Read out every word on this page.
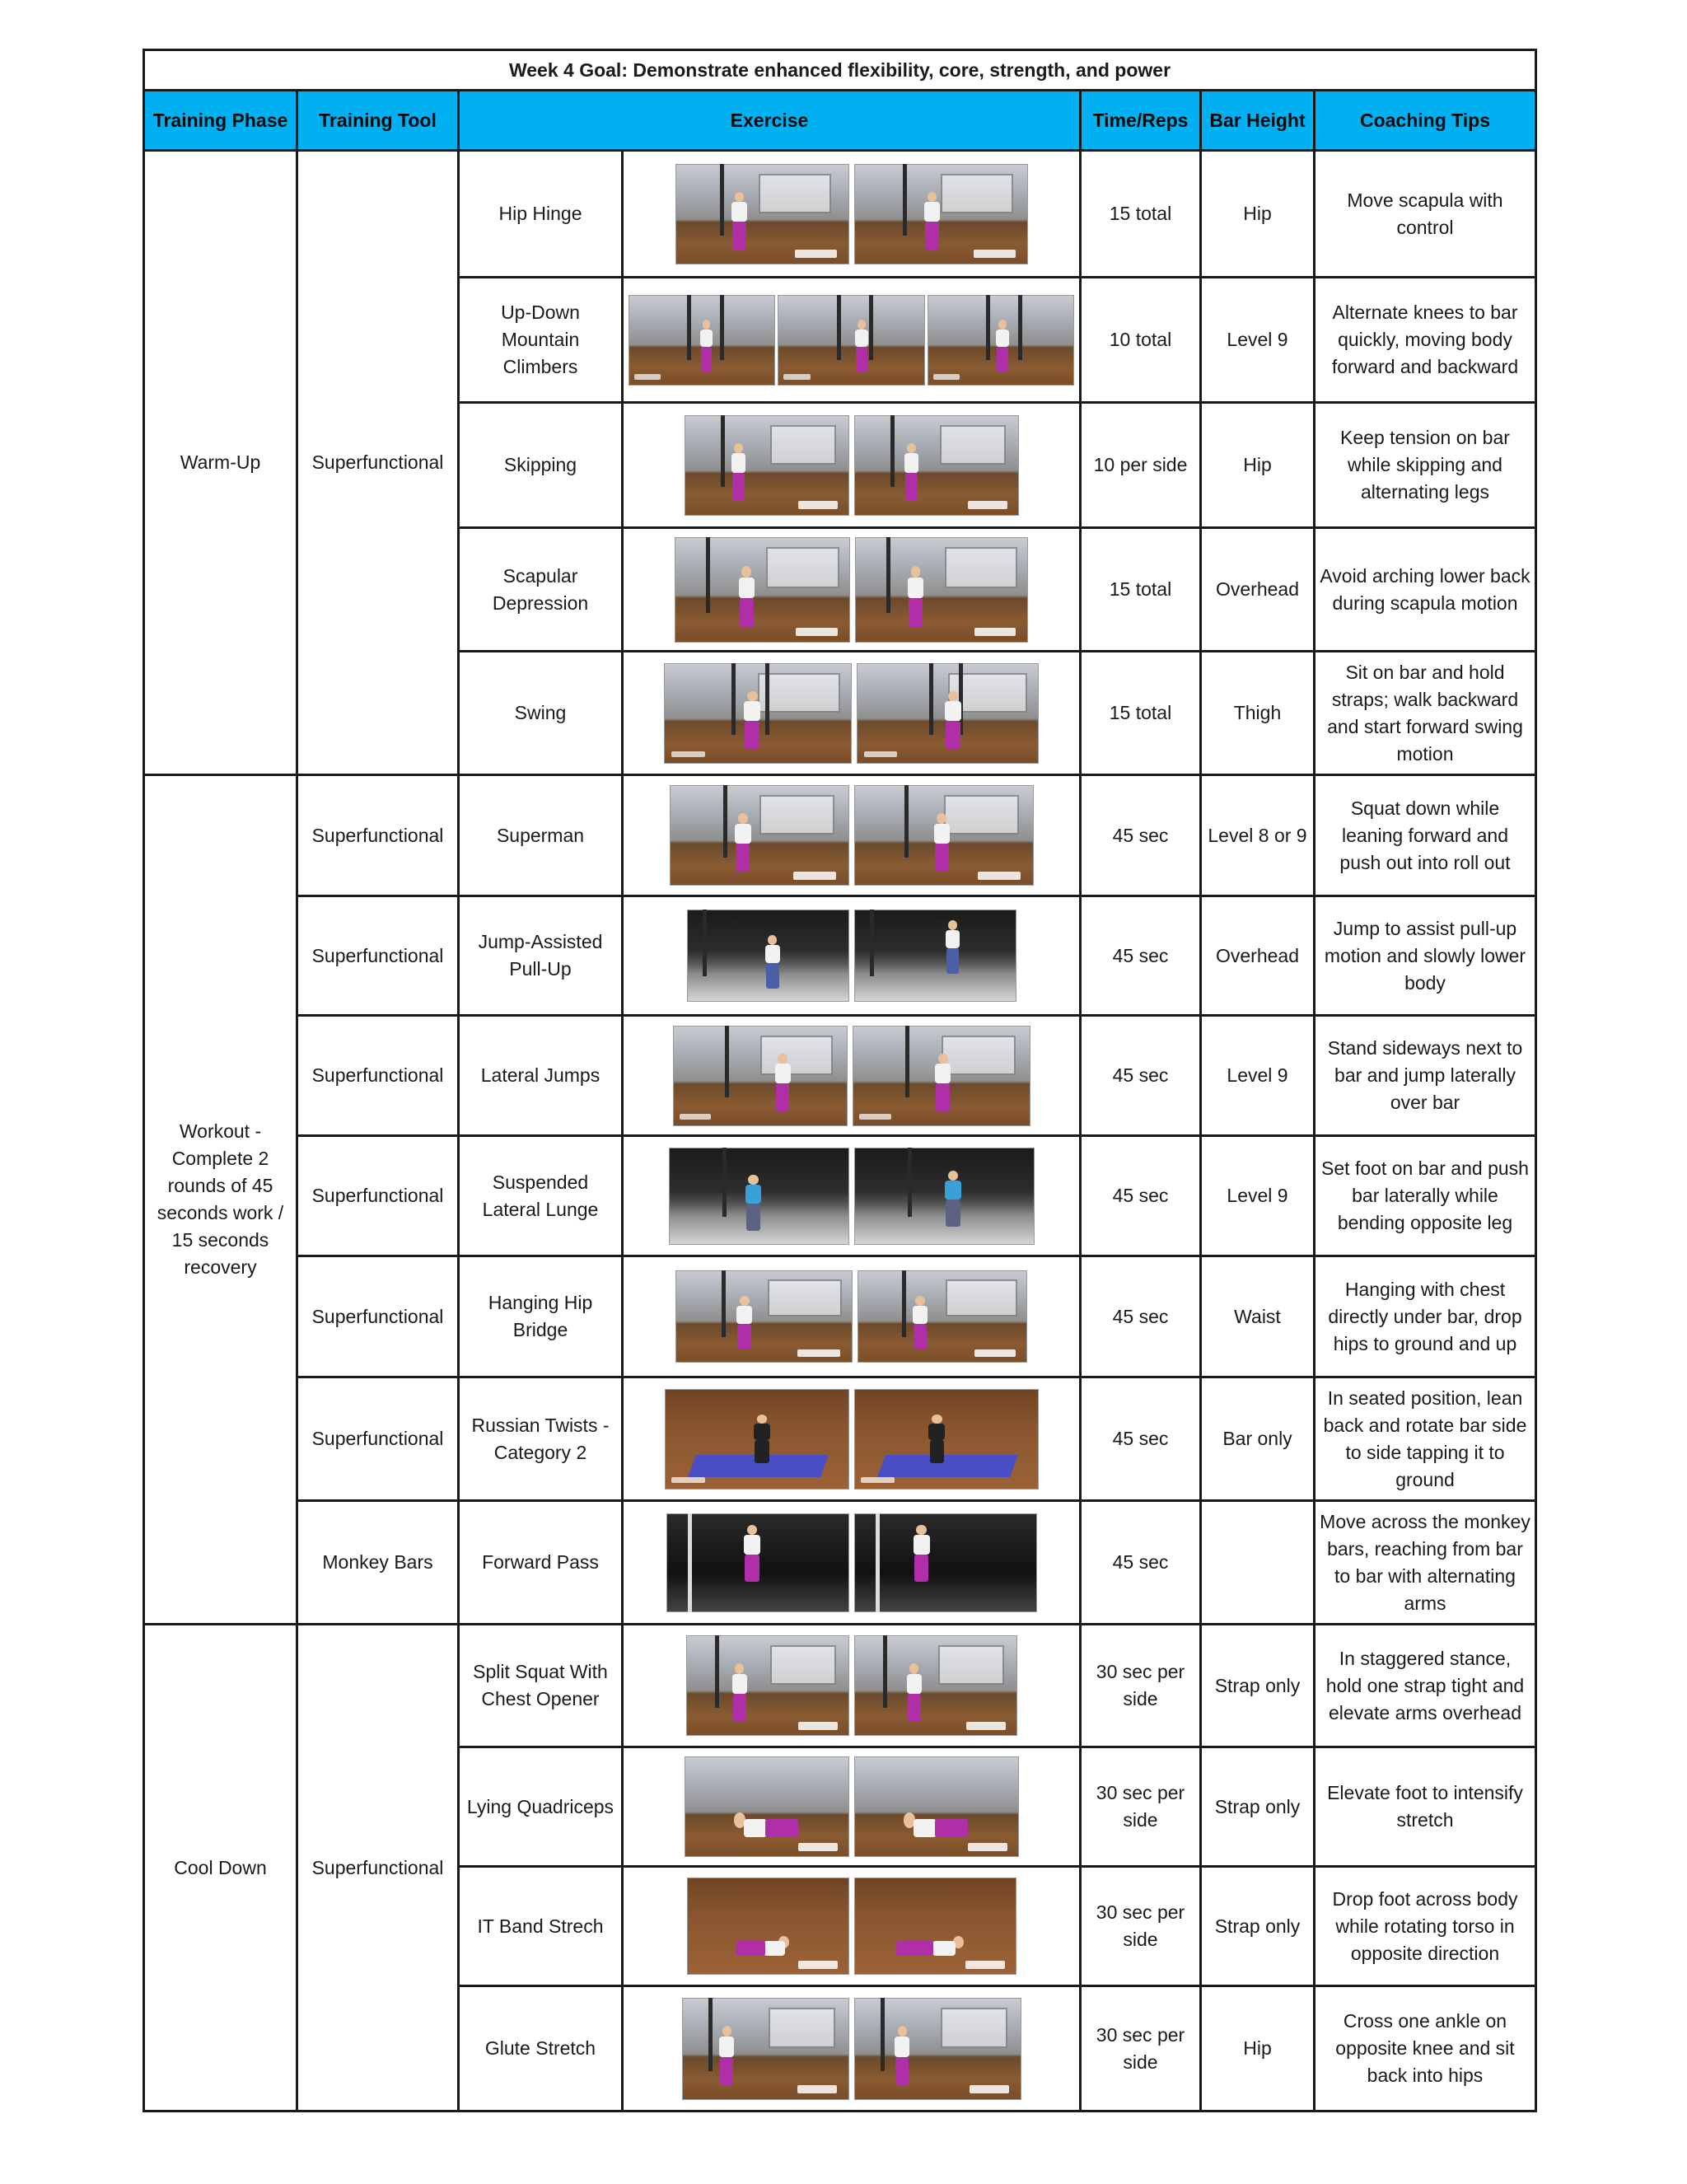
Week 4 Goal: Demonstrate enhanced flexibility, core, strength, and power						
Training Phase	Training Tool	Exercise		Time/Reps	Bar Height	Coaching Tips
Warm-Up	Superfunctional	Hip Hinge		15 total	Hip	Move scapula with control
		Up-Down Mountain Climbers		10 total	Level 9	Alternate knees to bar quickly, moving body forward and backward
		Skipping		10 per side	Hip	Keep tension on bar while skipping and alternating legs
		Scapular Depression		15 total	Overhead	Avoid arching lower back during scapula motion
		Swing		15 total	Thigh	Sit on bar and hold straps; walk backward and start forward swing motion
Workout - Complete 2 rounds of 45 seconds work / 15 seconds recovery	Superfunctional	Superman		45 sec	Level 8 or 9	Squat down while leaning forward and push out into roll out
	Superfunctional	Jump-Assisted Pull-Up		45 sec	Overhead	Jump to assist pull-up motion and slowly lower body
	Superfunctional	Lateral Jumps		45 sec	Level 9	Stand sideways next to bar and jump laterally over bar
	Superfunctional	Suspended Lateral Lunge		45 sec	Level 9	Set foot on bar and push bar laterally while bending opposite leg
	Superfunctional	Hanging Hip Bridge		45 sec	Waist	Hanging with chest directly under bar, drop hips to ground and up
	Superfunctional	Russian Twists - Category 2		45 sec	Bar only	In seated position, lean back and rotate bar side to side tapping it to ground
	Monkey Bars	Forward Pass		45 sec		Move across the monkey bars, reaching from bar to bar with alternating arms
Cool Down	Superfunctional	Split Squat With Chest Opener		30 sec per side	Strap only	In staggered stance, hold one strap tight and elevate arms overhead
		Lying Quadriceps		30 sec per side	Strap only	Elevate foot to intensify stretch
		IT Band Strech		30 sec per side	Strap only	Drop foot across body while rotating torso in opposite direction
		Glute Stretch		30 sec per side	Hip	Cross one ankle on opposite knee and sit back into hips
